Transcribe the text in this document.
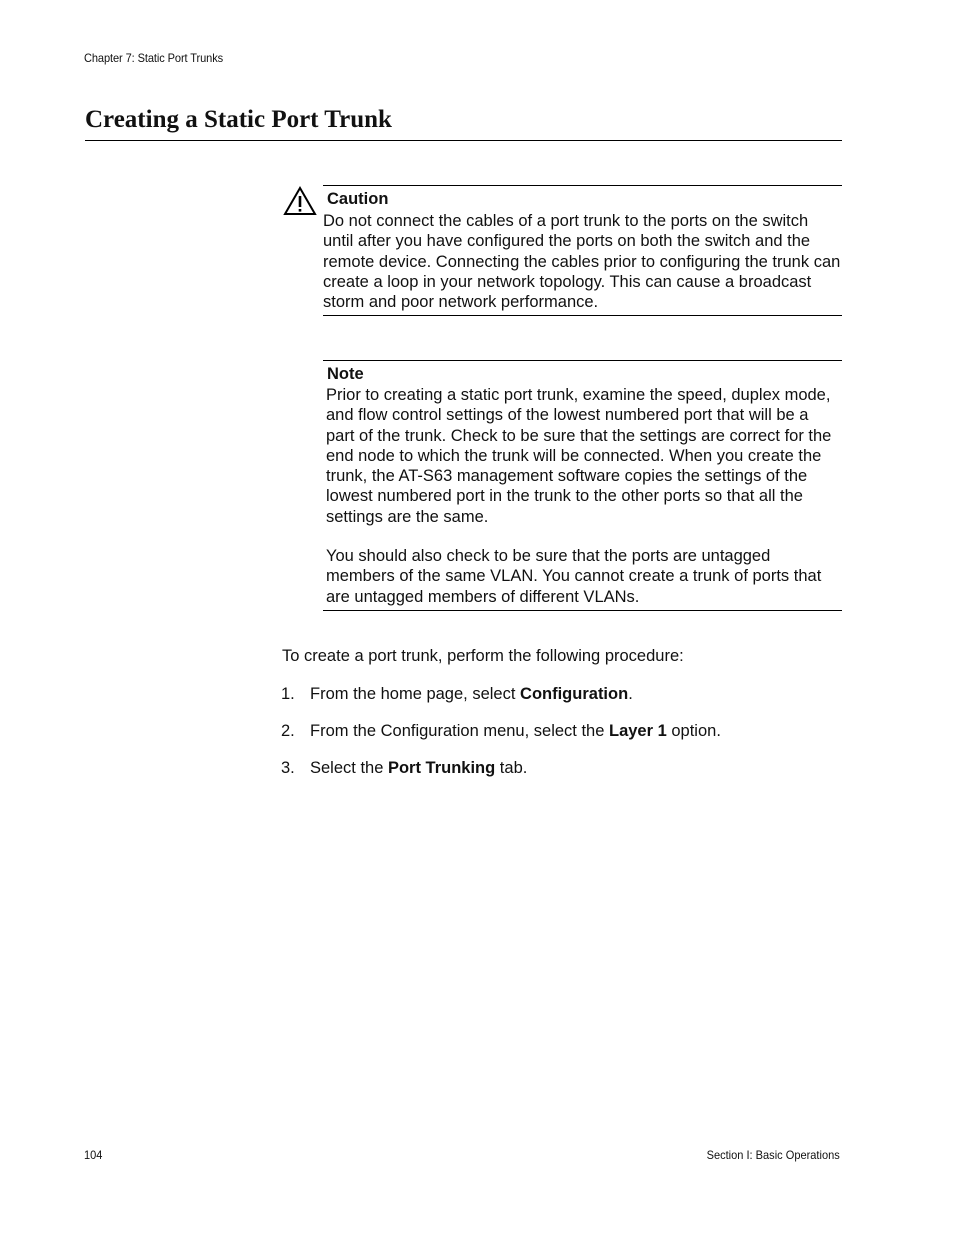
Chapter 7: Static Port Trunks
Creating a Static Port Trunk
Caution
Do not connect the cables of a port trunk to the ports on the switch until after you have configured the ports on both the switch and the remote device. Connecting the cables prior to configuring the trunk can create a loop in your network topology. This can cause a broadcast storm and poor network performance.
Note
Prior to creating a static port trunk, examine the speed, duplex mode, and flow control settings of the lowest numbered port that will be a part of the trunk. Check to be sure that the settings are correct for the end node to which the trunk will be connected. When you create the trunk, the AT-S63 management software copies the settings of the lowest numbered port in the trunk to the other ports so that all the settings are the same.
You should also check to be sure that the ports are untagged members of the same VLAN. You cannot create a trunk of ports that are untagged members of different VLANs.
To create a port trunk, perform the following procedure:
1. From the home page, select Configuration.
2. From the Configuration menu, select the Layer 1 option.
3. Select the Port Trunking tab.
104	Section I: Basic Operations
